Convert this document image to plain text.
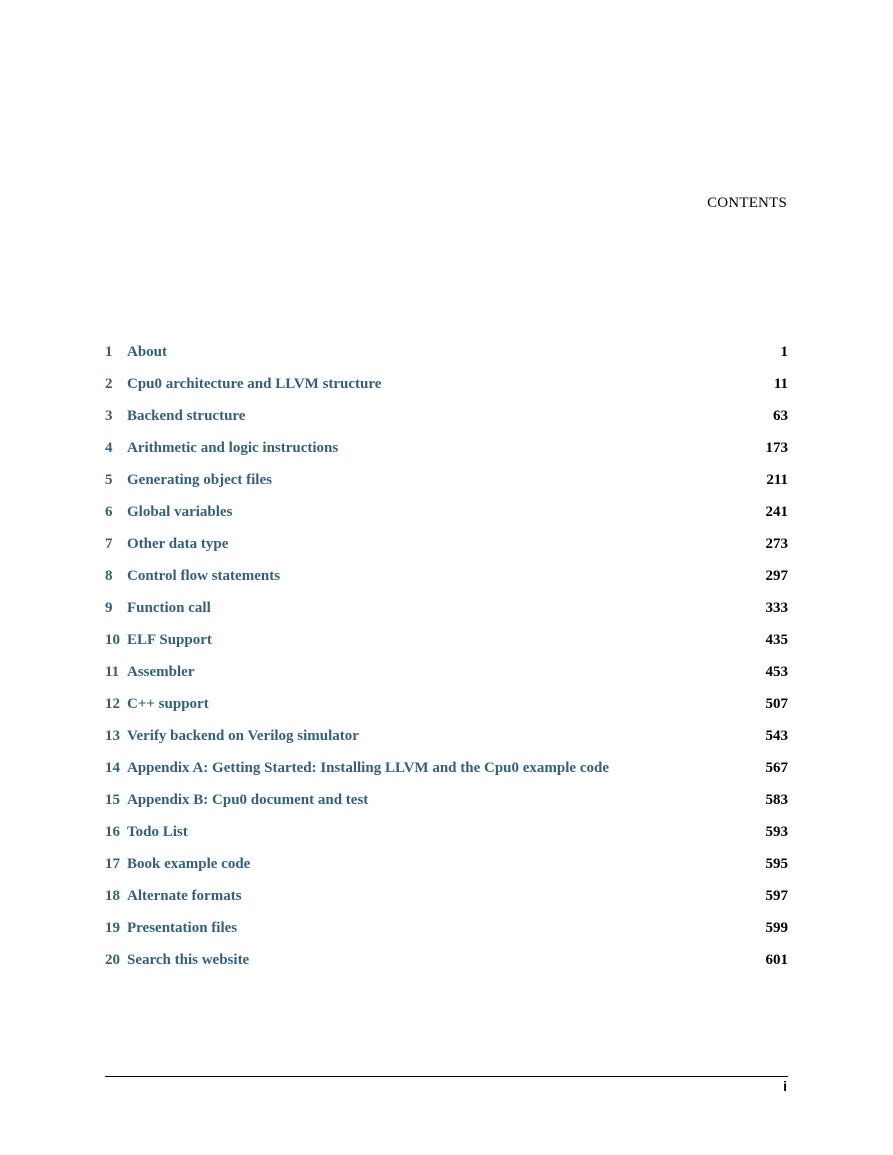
CONTENTS
1 About	1
2 Cpu0 architecture and LLVM structure	11
3 Backend structure	63
4 Arithmetic and logic instructions	173
5 Generating object files	211
6 Global variables	241
7 Other data type	273
8 Control flow statements	297
9 Function call	333
10 ELF Support	435
11 Assembler	453
12 C++ support	507
13 Verify backend on Verilog simulator	543
14 Appendix A: Getting Started: Installing LLVM and the Cpu0 example code	567
15 Appendix B: Cpu0 document and test	583
16 Todo List	593
17 Book example code	595
18 Alternate formats	597
19 Presentation files	599
20 Search this website	601
i
